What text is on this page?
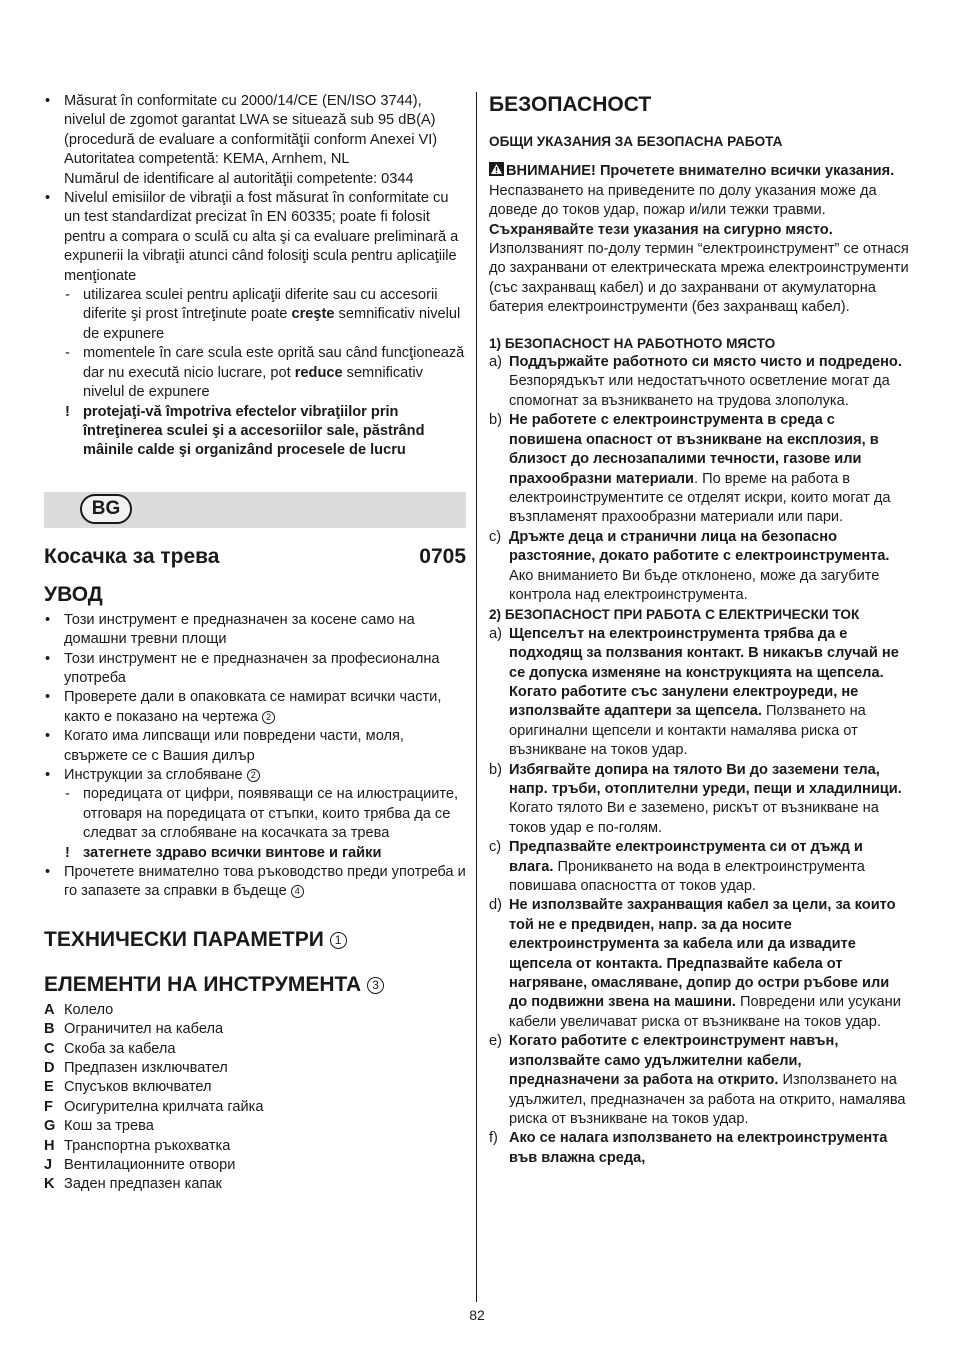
• Măsurat în conformitate cu 2000/14/CE (EN/ISO 3744), nivelul de zgomot garantat LWA se situează sub 95 dB(A) (procedură de evaluare a conformităţii conform Anexei VI) Autoritatea competentă: KEMA, Arnhem, NL
Numărul de identificare al autorităţii competente: 0344
• Nivelul emisiilor de vibraţii a fost măsurat în conformitate cu un test standardizat precizat în EN 60335; poate fi folosit pentru a compara o sculă cu alta şi ca evaluare preliminară a expunerii la vibraţii atunci când folosiţi scula pentru aplicaţiile menţionate
- utilizarea sculei pentru aplicaţii diferite sau cu accesorii diferite şi prost întreţinute poate creşte semnificativ nivelul de expunere
- momentele în care scula este oprită sau când funcţionează dar nu execută nicio lucrare, pot reduce semnificativ nivelul de expunere
! protejaţi-vă împotriva efectelor vibraţiilor prin întreţinerea sculei şi a accesoriilor sale, păstrând mâinile calde şi organizând procesele de lucru
BG
Косачка за трева	0705
УВОД
• Този инструмент е предназначен за косене само на домашни тревни площи
• Този инструмент не е предназначен за професионална употреба
• Проверете дали в опаковката се намират всички части, както е показано на чертежа 2
• Когато има липсващи или повредени части, моля, свържете се с Вашия дилър
• Инструкции за сглобяване 2
- поредицата от цифри, появяващи се на илюстрациите, отговаря на поредицата от стъпки, които трябва да се следват за сглобяване на косачката за трева
! затегнете здраво всички винтове и гайки
• Прочетете внимателно това ръководство преди употреба и го запазете за справки в бъдеще 4
ТЕХНИЧЕСКИ ПАРАМЕТРИ 1
ЕЛЕМЕНТИ НА ИНСТРУМЕНТА 3
A Колело
B Ограничител на кабела
C Скоба за кабела
D Предпазен изключвател
E Спусъков включвател
F Осигурителна крилчата гайка
G Кош за трева
H Транспортна ръкохватка
J Вентилационните отвори
K Заден предпазен капак
БЕЗОПАСНОСТ

ОБЩИ УКАЗАНИЯ ЗА БЕЗОПАСНА РАБОТА

ВНИМАНИЕ! Прочетете внимателно всички указания. Неспазването на приведените по долу указания може да доведе до токов удар, пожар и/или тежки травми. Съхранявайте тези указания на сигурно място. Използваният по-долу термин “електроинструмент” се отнася до захранвани от електрическата мрежа електроинструменти (със захранващ кабел) и до захранвани от акумулаторна батерия електроинструменти (без захранващ кабел).

1) БЕЗОПАСНОСТ НА РАБОТНОТО МЯСТО

a) Поддържайте работното си място чисто и подредено. Безпорядъкът или недостатъчното осветление могат да спомогнат за възникването на трудова злополука.
b) Не работете с електроинструмента в среда с повишена опасност от възникване на експлозия, в близост до леснозапалими течности, газове или прахообразни материали. По време на работа в електроинструментите се отделят искри, които могат да възпламенят прахообразни материали или пари.
c) Дръжте деца и странични лица на безопасно разстояние, докато работите с електроинструмента. Ако вниманието Ви бъде отклонено, може да загубите контрола над електроинструмента.

2) БЕЗОПАСНОСТ ПРИ РАБОТА С ЕЛЕКТРИЧЕСКИ ТОК

a) Щепселът на електроинструмента трябва да е подходящ за ползвания контакт. В никакъв случай не се допуска изменяне на конструкцията на щепсела. Когато работите със занулени електроуреди, не използвайте адаптери за щепсела. Ползването на оригинални щепсели и контакти намалява риска от възникване на токов удар.
b) Избягвайте допира на тялото Ви до заземени тела, напр. тръби, отоплителни уреди, пещи и хладилници. Когато тялото Ви е заземено, рискът от възникване на токов удар е по-голям.
c) Предпазвайте електроинструмента си от дъжд и влага. Проникването на вода в електроинструмента повишава опасността от токов удар.
d) Не използвайте захранващия кабел за цели, за които той не е предвиден, напр. за да носите електроинструмента за кабела или да извадите щепсела от контакта. Предпазвайте кабела от нагряване, омасляване, допир до остри ръбове или до подвижни звена на машини. Повредени или усукани кабели увеличават риска от възникване на токов удар.
e) Когато работите с електроинструмент навън, използвайте само удължителни кабели, предназначени за работа на открито. Използването на удължител, предназначен за работа на открито, намалява риска от възникване на токов удар.
f) Ако се налага използването на електроинструмента във влажна среда,
82
